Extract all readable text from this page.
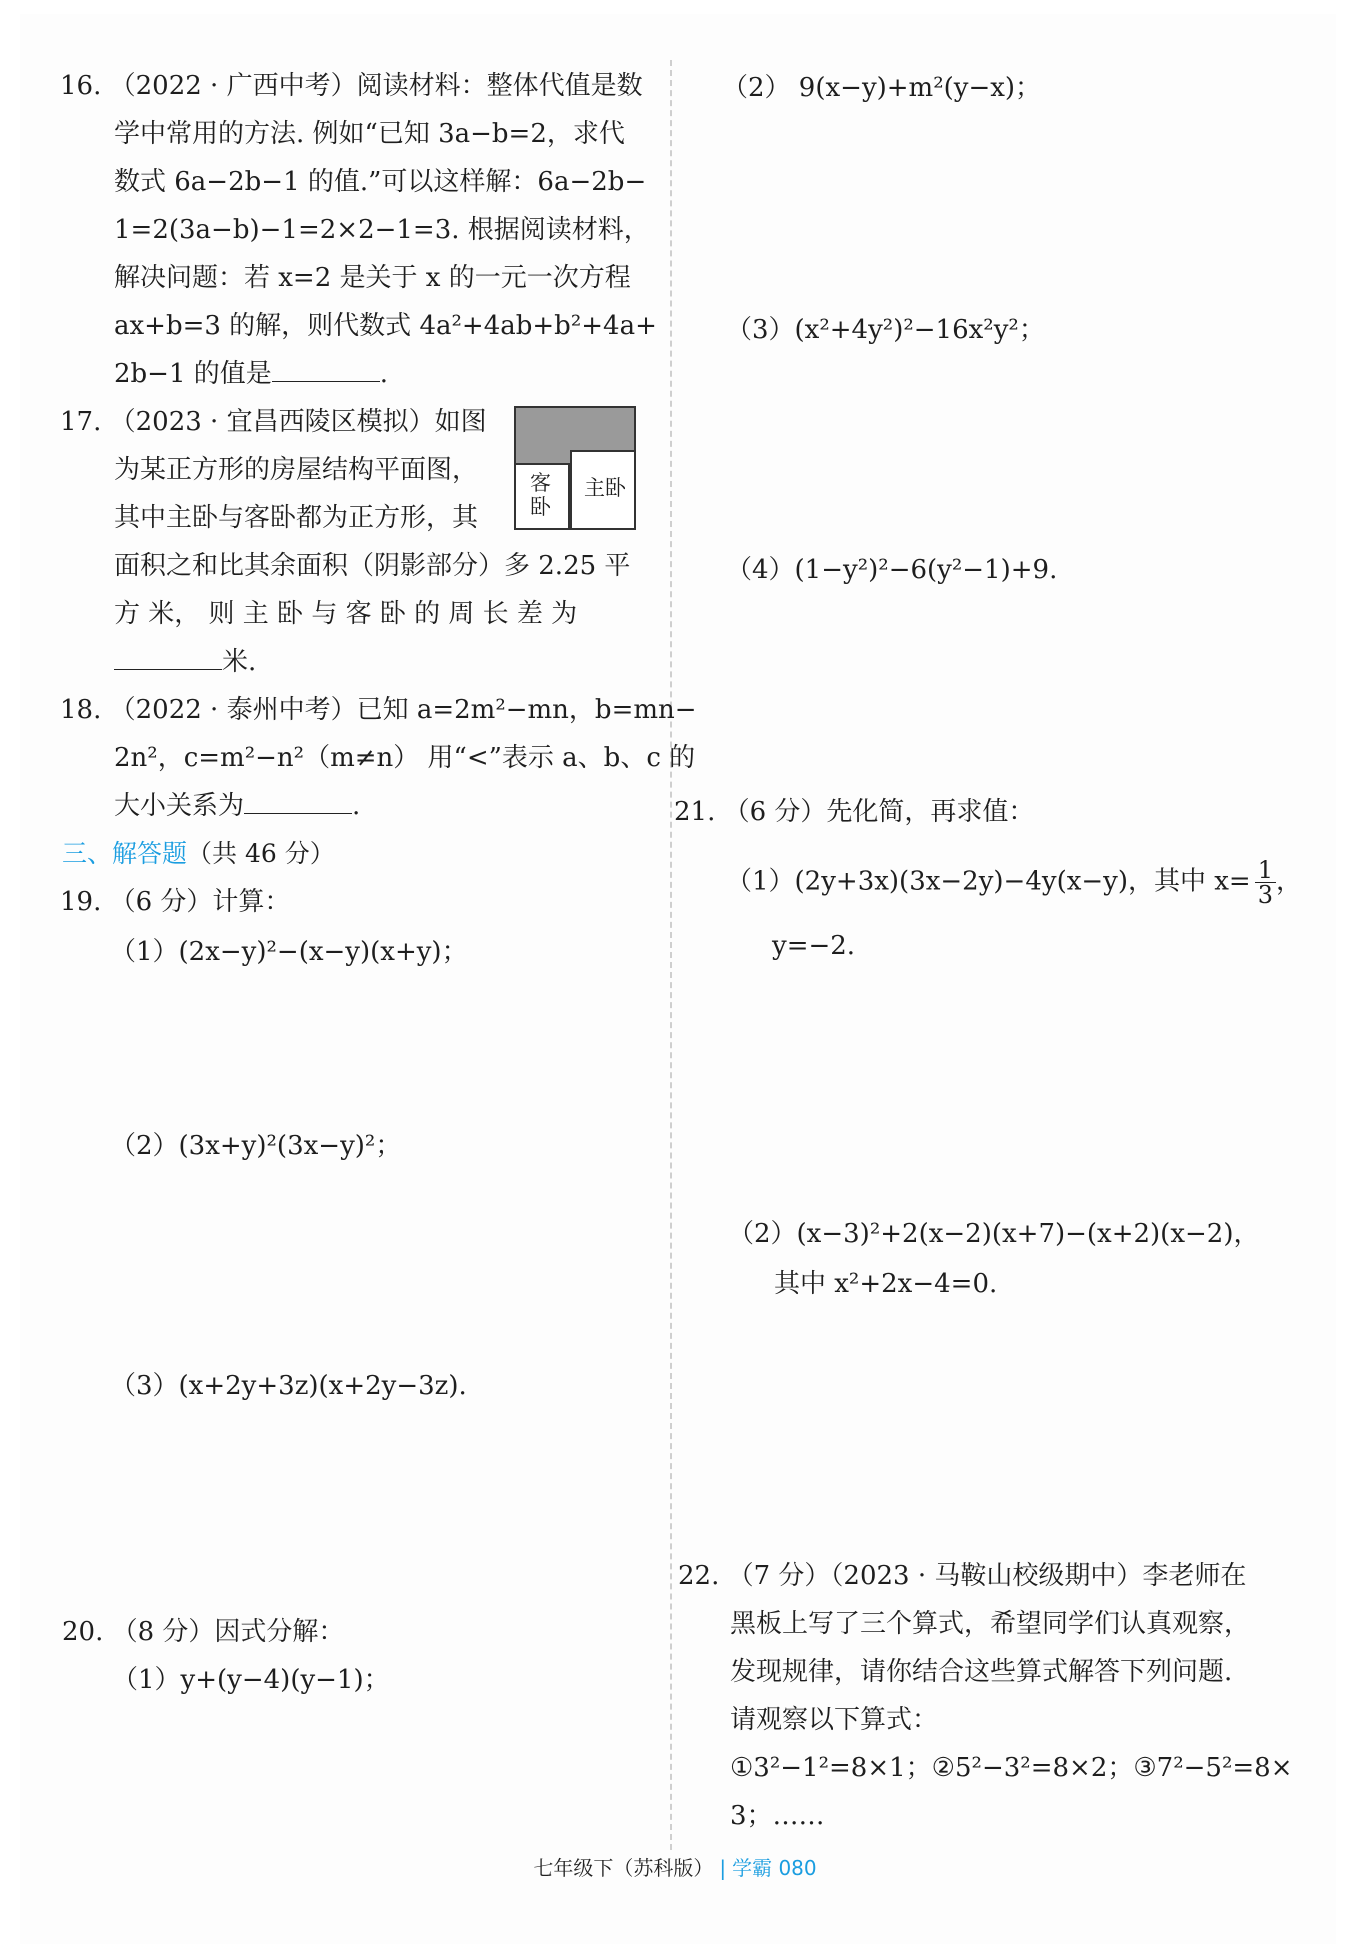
16. （2022 · 广西中考）阅读材料：整体代值是数
学中常用的方法. 例如“已知 3a−b=2，求代
数式 6a−2b−1 的值.”可以这样解：6a−2b−
1=2(3a−b)−1=2×2−1=3. 根据阅读材料，
解决问题：若 x=2 是关于 x 的一元一次方程
ax+b=3 的解，则代数式 4a²+4ab+b²+4a+
2b−1 的值是	.
17. （2023 · 宜昌西陵区模拟）如图
为某正方形的房屋结构平面图，
其中主卧与客卧都为正方形，其
面积之和比其余面积（阴影部分）多 2.25 平
方 米， 则 主 卧 与 客 卧 的 周 长 差 为
米.
主卧
客卧
18. （2022 · 泰州中考）已知 a=2m²−mn，b=mn−
2n²，c=m²−n²（m≠n） 用“<”表示 a、b、c 的
大小关系为	.
三、解答题（共 46 分）
19. （6 分）计算：
（1）(2x−y)²−(x−y)(x+y)；
（2）(3x+y)²(3x−y)²；
（3）(x+2y+3z)(x+2y−3z).
20. （8 分）因式分解：
（1）y+(y−4)(y−1)；
（2） 9(x−y)+m²(y−x)；
（3）(x²+4y²)²−16x²y²；
（4）(1−y²)²−6(y²−1)+9.
21. （6 分）先化简，再求值：
（1）(2y+3x)(3x−2y)−4y(x−y)，其中 $x= \frac{1}{3}$ ，
y=−2.
（2）(x−3)²+2(x−2)(x+7)−(x+2)(x−2)，
其中 x²+2x−4=0.
22. （7 分）（2023 · 马鞍山校级期中）李老师在
黑板上写了三个算式，希望同学们认真观察，
发现规律，请你结合这些算式解答下列问题.
请观察以下算式：
①3²−1²=8×1；②5²−3²=8×2；③7²−5²=8×
3；……
七年级下（苏科版） | 学霸 080
